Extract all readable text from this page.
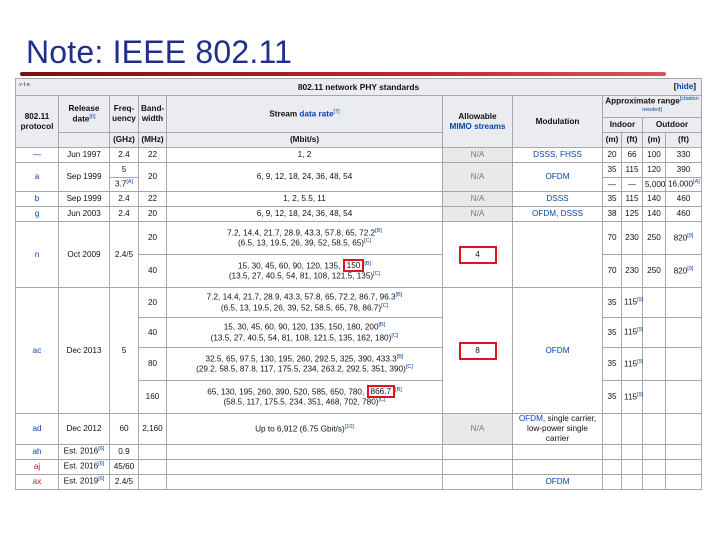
Note: IEEE 802.11
v·t·e 802.11 network PHY standards [hide]										

802.11 protocol	Release date[6]	Freq- uency	Band- width	Stream data rate[7]	Allowable
MIMO streams	Modulation	Approximate range[citation needed]
							Indoor		Outdoor	
		(GHz)	(MHz)	(Mbit/s)			(m)	(ft)	(m)	(ft)
—	Jun 1997	2.4	22	1, 2	N/A	DSSS, FHSS	20	66	100	330
a	Sep 1999	5	20	6, 9, 12, 18, 24, 36, 48, 54	N/A	OFDM	35	115	120	390
		3.7[A]					—	—	5,000	16,000[A]
b	Sep 1999	2.4	22	1, 2, 5.5, 11	N/A	DSSS	35	115	140	460
g	Jun 2003	2.4	20	6, 9, 12, 18, 24, 36, 48, 54	N/A	OFDM, DSSS	38	125	140	460
n	Oct 2009	2.4/5	20	7.2, 14.4, 21.7, 28.9, 43.3, 57.8, 65, 72.2[B]
(6.5, 13, 19.5, 26, 39, 52, 58.5, 65)[C]	4		70	230	250	820[9]
			40	15, 30, 45, 60, 90, 120, 135, 150 [B]
(13.5, 27, 40.5, 54, 81, 108, 121.5, 135)[C]			70	230	250	820[9]
ac	Dec 2013	5	20	7.2, 14.4, 21.7, 28.9, 43.3, 57.8, 65, 72.2, 86.7, 96.3[B]
(6.5, 13, 19.5, 26, 39, 52, 58.5, 65, 78, 86.7)[C]	8	OFDM	35	115[9]		
			40	15, 30, 45, 60, 90, 120, 135, 150, 180, 200[B]
(13.5, 27, 40.5, 54, 81, 108, 121.5, 135, 162, 180)[C]			35	115[9]		
			80	32.5, 65, 97.5, 130, 195, 260, 292.5, 325, 390, 433.3[B]
(29.2, 58.5, 87.8, 117, 175.5, 234, 263.2, 292.5, 351, 390)[C]			35	115[9]		
			160	65, 130, 195, 260, 390, 520, 585, 650, 780, 866.7 [B]
(58.5, 117, 175.5, 234, 351, 468, 702, 780)[C]			35	115[9]		
ad	Dec 2012	60	2,160	Up to 6,912 (6.75 Gbit/s)[10]	N/A	OFDM, single carrier,
low-power single carrier				
ah	Est. 2016[6]	0.9								
aj	Est. 2016[6]	45/60								
ax	Est. 2019[6]	2.4/5				OFDM				
